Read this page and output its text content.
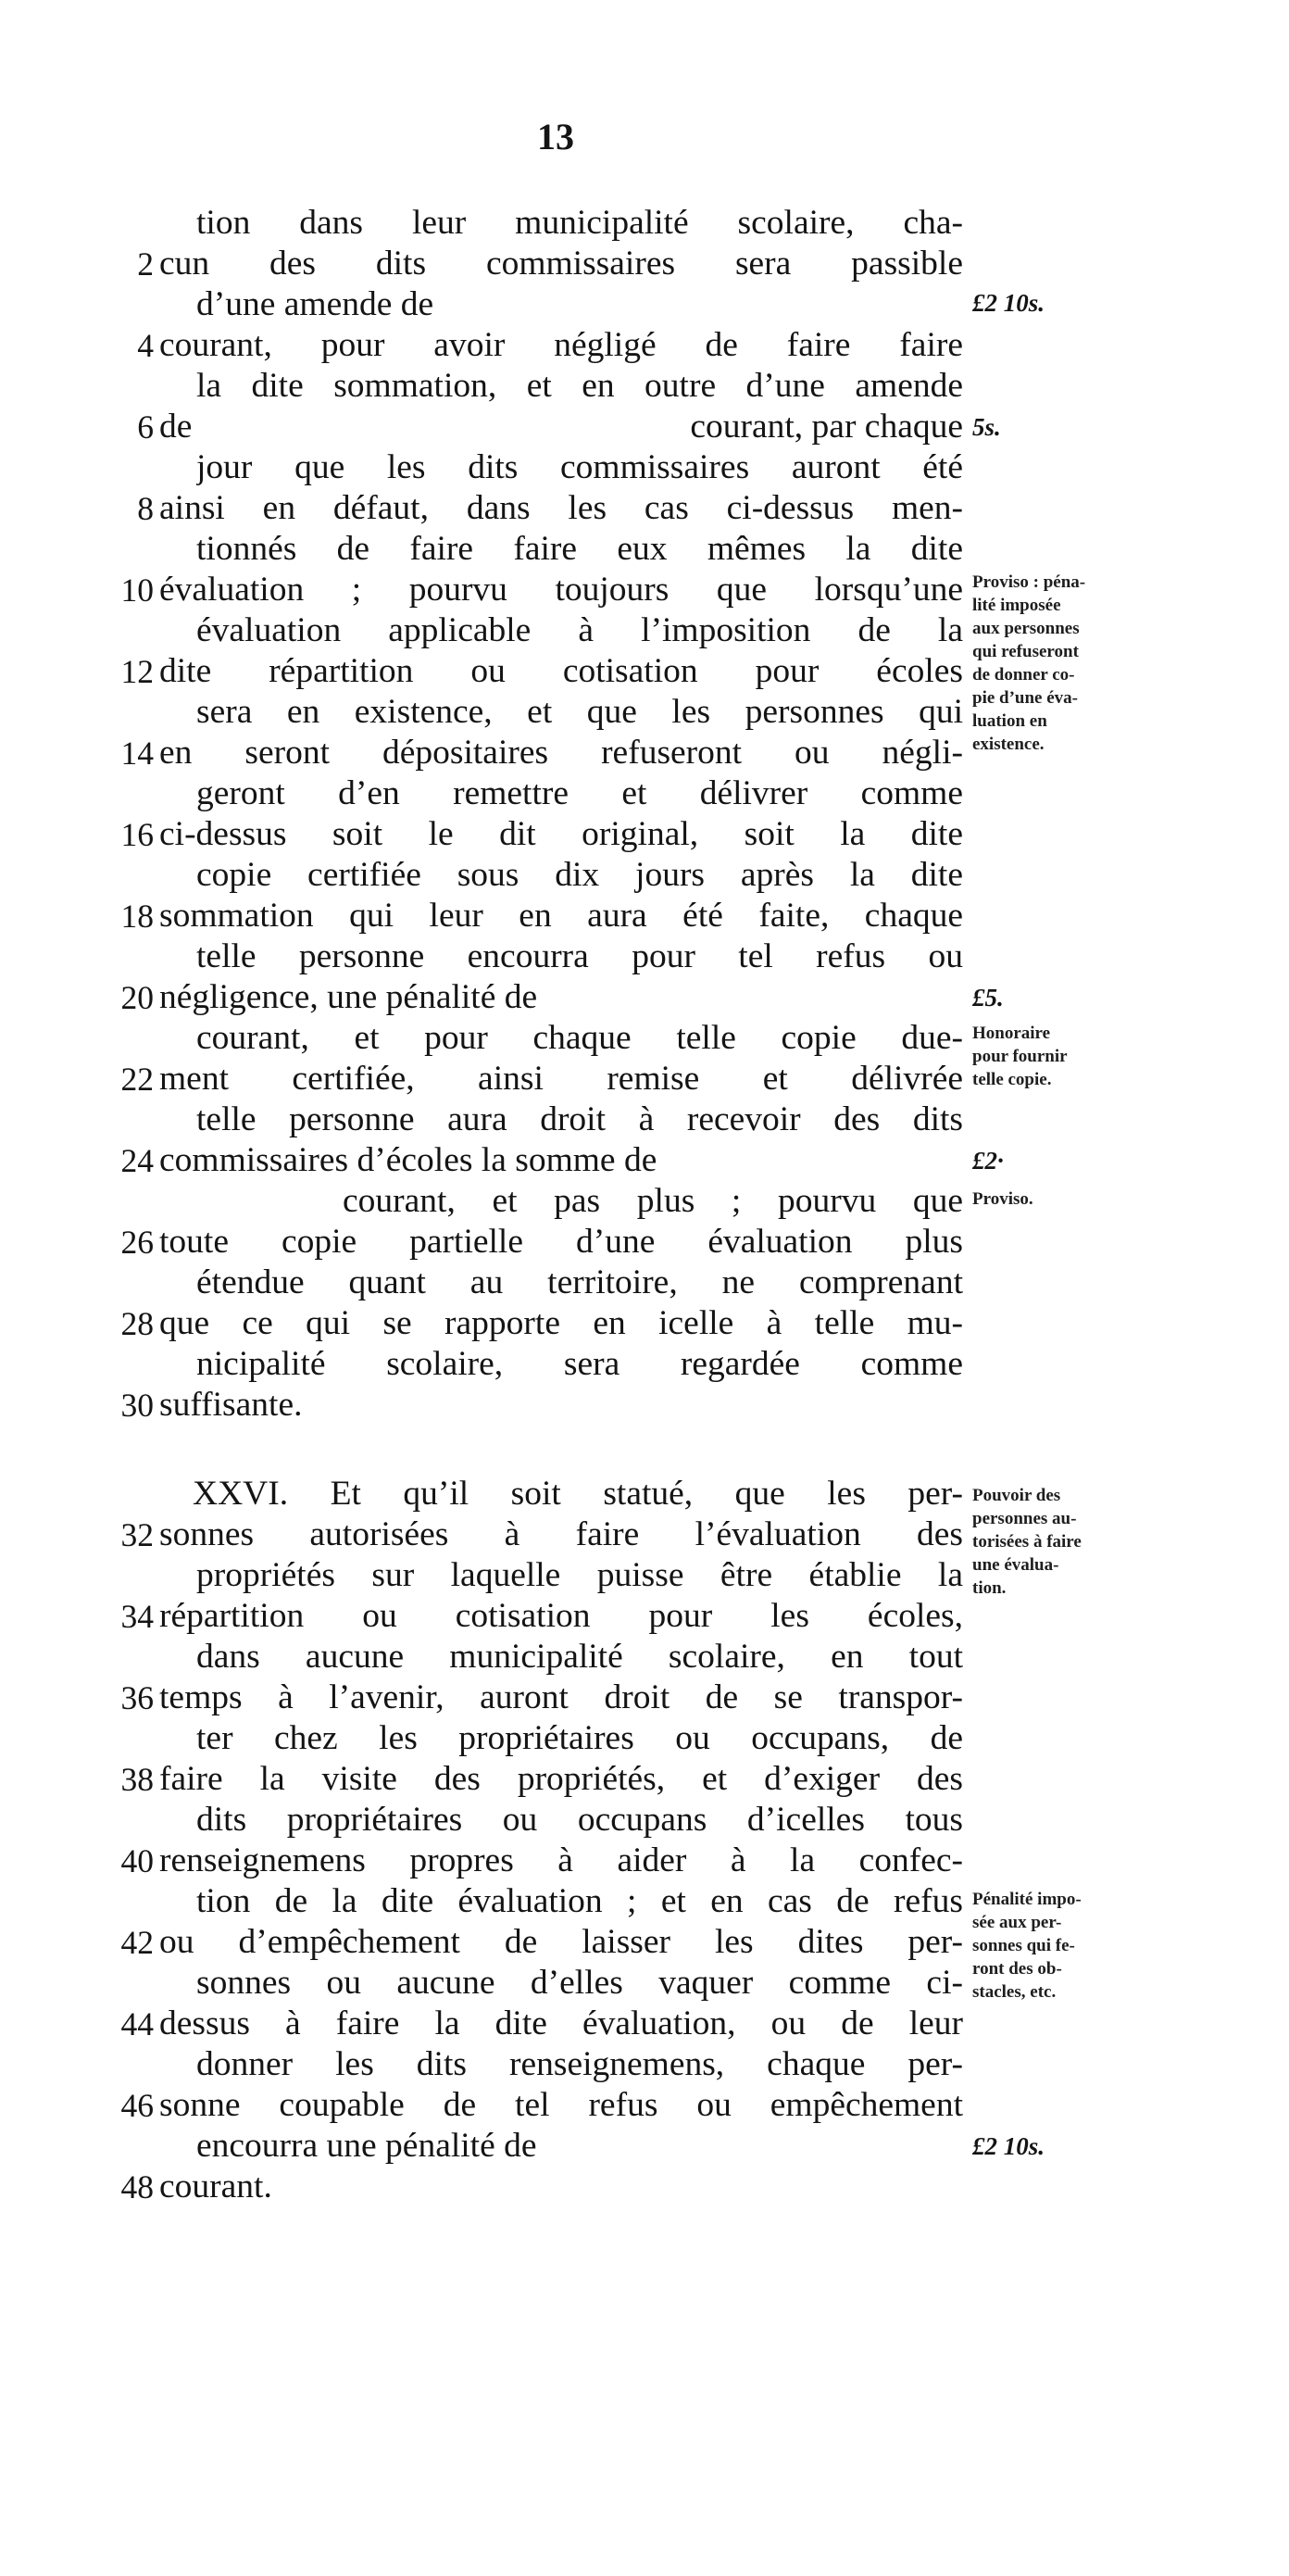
13
tion dans leur municipalité scolaire, cha-
2 cun des dits commissaires sera passible
d’une amende de
4 courant, pour avoir négligé de faire faire
la dite sommation, et en outre d’une amende
6 de	courant, par chaque
jour que les dits commissaires auront été
8 ainsi en défaut, dans les cas ci-dessus men-
tionnés de faire faire eux mêmes la dite
10 évaluation ; pourvu toujours que lorsqu’une
évaluation applicable à l’imposition de la
12 dite répartition ou cotisation pour écoles
sera en existence, et que les personnes qui
14 en seront dépositaires refuseront ou négli-
geront d’en remettre et délivrer comme
16 ci-dessus soit le dit original, soit la dite
copie certifiée sous dix jours après la dite
18 sommation qui leur en aura été faite, chaque
telle personne encourra pour tel refus ou
20 négligence, une pénalité de
courant, et pour chaque telle copie due-
22 ment certifiée, ainsi remise et délivrée
telle personne aura droit à recevoir des dits
24 commissaires d’écoles la somme de
courant, et pas plus ; pourvu que
26 toute copie partielle d’une évaluation plus
étendue quant au territoire, ne comprenant
28 que ce qui se rapporte en icelle à telle mu-
nicipalité scolaire, sera regardée comme
30 suffisante.
XXVI. Et qu’il soit statué, que les per-
32 sonnes autorisées à faire l’évaluation des
propriétés sur laquelle puisse être établie la
34 répartition ou cotisation pour les écoles,
dans aucune municipalité scolaire, en tout
36 temps à l’avenir, auront droit de se transpor-
ter chez les propriétaires ou occupans, de
38 faire la visite des propriétés, et d’exiger des
dits propriétaires ou occupans d’icelles tous
40 renseignemens propres à aider à la confec-
tion de la dite évaluation ; et en cas de refus
42 ou d’empêchement de laisser les dites per-
sonnes ou aucune d’elles vaquer comme ci-
44 dessus à faire la dite évaluation, ou de leur
donner les dits renseignemens, chaque per-
46 sonne coupable de tel refus ou empêchement
encourra une pénalité de
48 courant.
£2 10s.
5s.
Proviso : péna-
lité imposée
aux personnes
qui refuseront
de donner co-
pie d’une éva-
luation en
existence.
£5.
Honoraire
pour fournir
telle copie.
£2·
Proviso.
Pouvoir des
personnes au-
torisées à faire
une évalua-
tion.
Pénalité impo-
sée aux per-
sonnes qui fe-
ront des ob-
stacles, etc.
£2 10s.
